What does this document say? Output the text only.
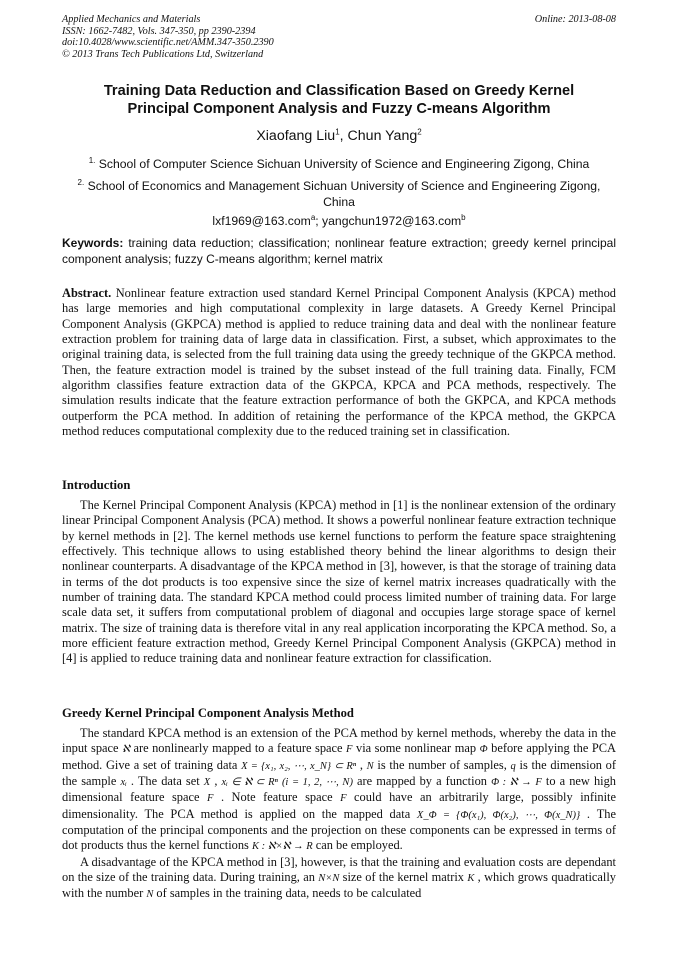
Applied Mechanics and Materials
ISSN: 1662-7482, Vols. 347-350, pp 2390-2394
doi:10.4028/www.scientific.net/AMM.347-350.2390
© 2013 Trans Tech Publications Ltd, Switzerland
Online: 2013-08-08
Training Data Reduction and Classification Based on Greedy Kernel
Principal Component Analysis and Fuzzy C-means Algorithm
Xiaofang Liu$^1$, Chun Yang$^2$
$^{1.}$ School of Computer Science Sichuan University of Science and Engineering Zigong, China
$^{2.}$ School of Economics and Management Sichuan University of Science and Engineering Zigong, China
lxf1969@163.com$^a$; yangchun1972@163.com$^b$
Keywords: training data reduction; classification; nonlinear feature extraction; greedy kernel principal component analysis; fuzzy C-means algorithm; kernel matrix
Abstract. Nonlinear feature extraction used standard Kernel Principal Component Analysis (KPCA) method has large memories and high computational complexity in large datasets. A Greedy Kernel Principal Component Analysis (GKPCA) method is applied to reduce training data and deal with the nonlinear feature extraction problem for training data of large data in classification. First, a subset, which approximates to the original training data, is selected from the full training data using the greedy technique of the GKPCA method. Then, the feature extraction model is trained by the subset instead of the full training data. Finally, FCM algorithm classifies feature extraction data of the GKPCA, KPCA and PCA methods, respectively. The simulation results indicate that the feature extraction performance of both the GKPCA, and KPCA methods outperform the PCA method. In addition of retaining the performance of the KPCA method, the GKPCA method reduces computational complexity due to the reduced training set in classification.
Introduction
The Kernel Principal Component Analysis (KPCA) method in [1] is the nonlinear extension of the ordinary linear Principal Component Analysis (PCA) method. It shows a powerful nonlinear feature extraction technique by kernel methods in [2]. The kernel methods use kernel functions to perform the feature space straightening effectively. This technique allows to using established theory behind the linear algorithms to design their nonlinear counterparts. A disadvantage of the KPCA method in [3], however, is that the storage of training data in terms of the dot products is too expensive since the size of kernel matrix increases quadratically with the number of training data. The standard KPCA method could process limited number of training data. For large scale data set, it suffers from computational problem of diagonal and occupies large storage space of kernel matrix. The size of training data is therefore vital in any real application incorporating the KPCA method. So, a more efficient feature extraction method, Greedy Kernel Principal Component Analysis (GKPCA) method in [4] is applied to reduce training data and nonlinear feature extraction for classification.
Greedy Kernel Principal Component Analysis Method

The standard KPCA method is an extension of the PCA method by kernel methods, whereby the data in the input space ℵ are nonlinearly mapped to a feature space F via some nonlinear map Φ before applying the PCA method. Give a set of training data X = {x₁, x₂, ⋯, x_N} ⊂ Rⁿ , N is the number of samples, q is the dimension of the sample xᵢ . The data set X , xᵢ ∈ ℵ ⊂ Rⁿ (i = 1, 2, ⋯, N) are mapped by a function Φ : ℵ → F to a new high dimensional feature space F . Note feature space F could have an arbitrarily large, possibly infinite dimensionality. The PCA method is applied on the mapped data X_Φ = {Φ(x₁), Φ(x₂), ⋯, Φ(x_N)} . The computation of the principal components and the projection on these components can be expressed in terms of dot products thus the kernel functions K : ℵ×ℵ → R can be employed.

A disadvantage of the KPCA method in [3], however, is that the training and evaluation costs are dependant on the size of the training data. During training, an N×N size of the kernel matrix K , which grows quadratically with the number N of samples in the training data, needs to be calculated
